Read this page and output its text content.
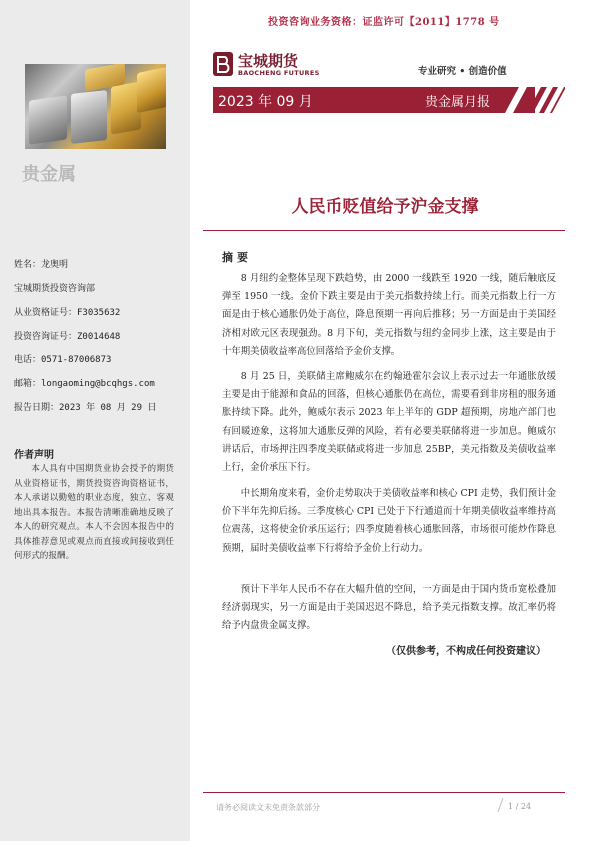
贵金属
姓名：龙奥明
宝城期货投资咨询部
从业资格证号：F3035632
投资咨询证号：Z0014648
电话：0571-87006873
邮箱：longaoming@bcqhgs.com
报告日期：2023 年 08 月 29 日
作者声明
本人具有中国期货业协会授予的期货从业资格证书，期货投资咨询资格证书，本人承诺以勤勉的职业态度，独立、客观地出具本报告。本报告清晰准确地反映了本人的研究观点。本人不会因本报告中的具体推荐意见或观点而直接或间接收到任何形式的报酬。
投资咨询业务资格：证监许可【2011】1778 号
宝城期货
BAOCHENG FUTURES	专业研究 • 创造价值
2023 年 09 月	贵金属月报
人民币贬值给予沪金支撑
摘要

8 月纽约金整体呈现下跌趋势，由 2000 一线跌至 1920 一线，随后触底反弹至 1950 一线。金价下跌主要是由于美元指数持续上行。而美元指数上行一方面是由于核心通胀仍处于高位，降息预期一再向后推移；另一方面是由于美国经济相对欧元区表现强劲。8 月下旬，美元指数与纽约金同步上涨，这主要是由于十年期美债收益率高位回落给予金价支撑。

8 月 25 日，美联储主席鲍威尔在约翰逊霍尔会议上表示过去一年通胀放缓主要是由于能源和食品的回落，但核心通胀仍在高位，需要看到非房租的服务通胀持续下降。此外，鲍威尔表示 2023 年上半年的 GDP 超预期，房地产部门也有回暖迹象，这将加大通胀反弹的风险，若有必要美联储将进一步加息。鲍威尔讲话后，市场押注四季度美联储或将进一步加息 25BP，美元指数及美债收益率上行，金价承压下行。

中长期角度来看，金价走势取决于美债收益率和核心 CPI 走势，我们预计金价下半年先抑后扬。三季度核心 CPI 已处于下行通道而十年期美债收益率维持高位震荡，这将使金价承压运行；四季度随着核心通胀回落，市场很可能炒作降息预期，届时美债收益率下行将给予金价上行动力。

预计下半年人民币不存在大幅升值的空间，一方面是由于国内货币宽松叠加经济弱现实，另一方面是由于美国迟迟不降息，给予美元指数支撑。故汇率仍将给予内盘贵金属支撑。

（仅供参考，不构成任何投资建议）
请务必阅读文末免责条款部分	1 / 24
